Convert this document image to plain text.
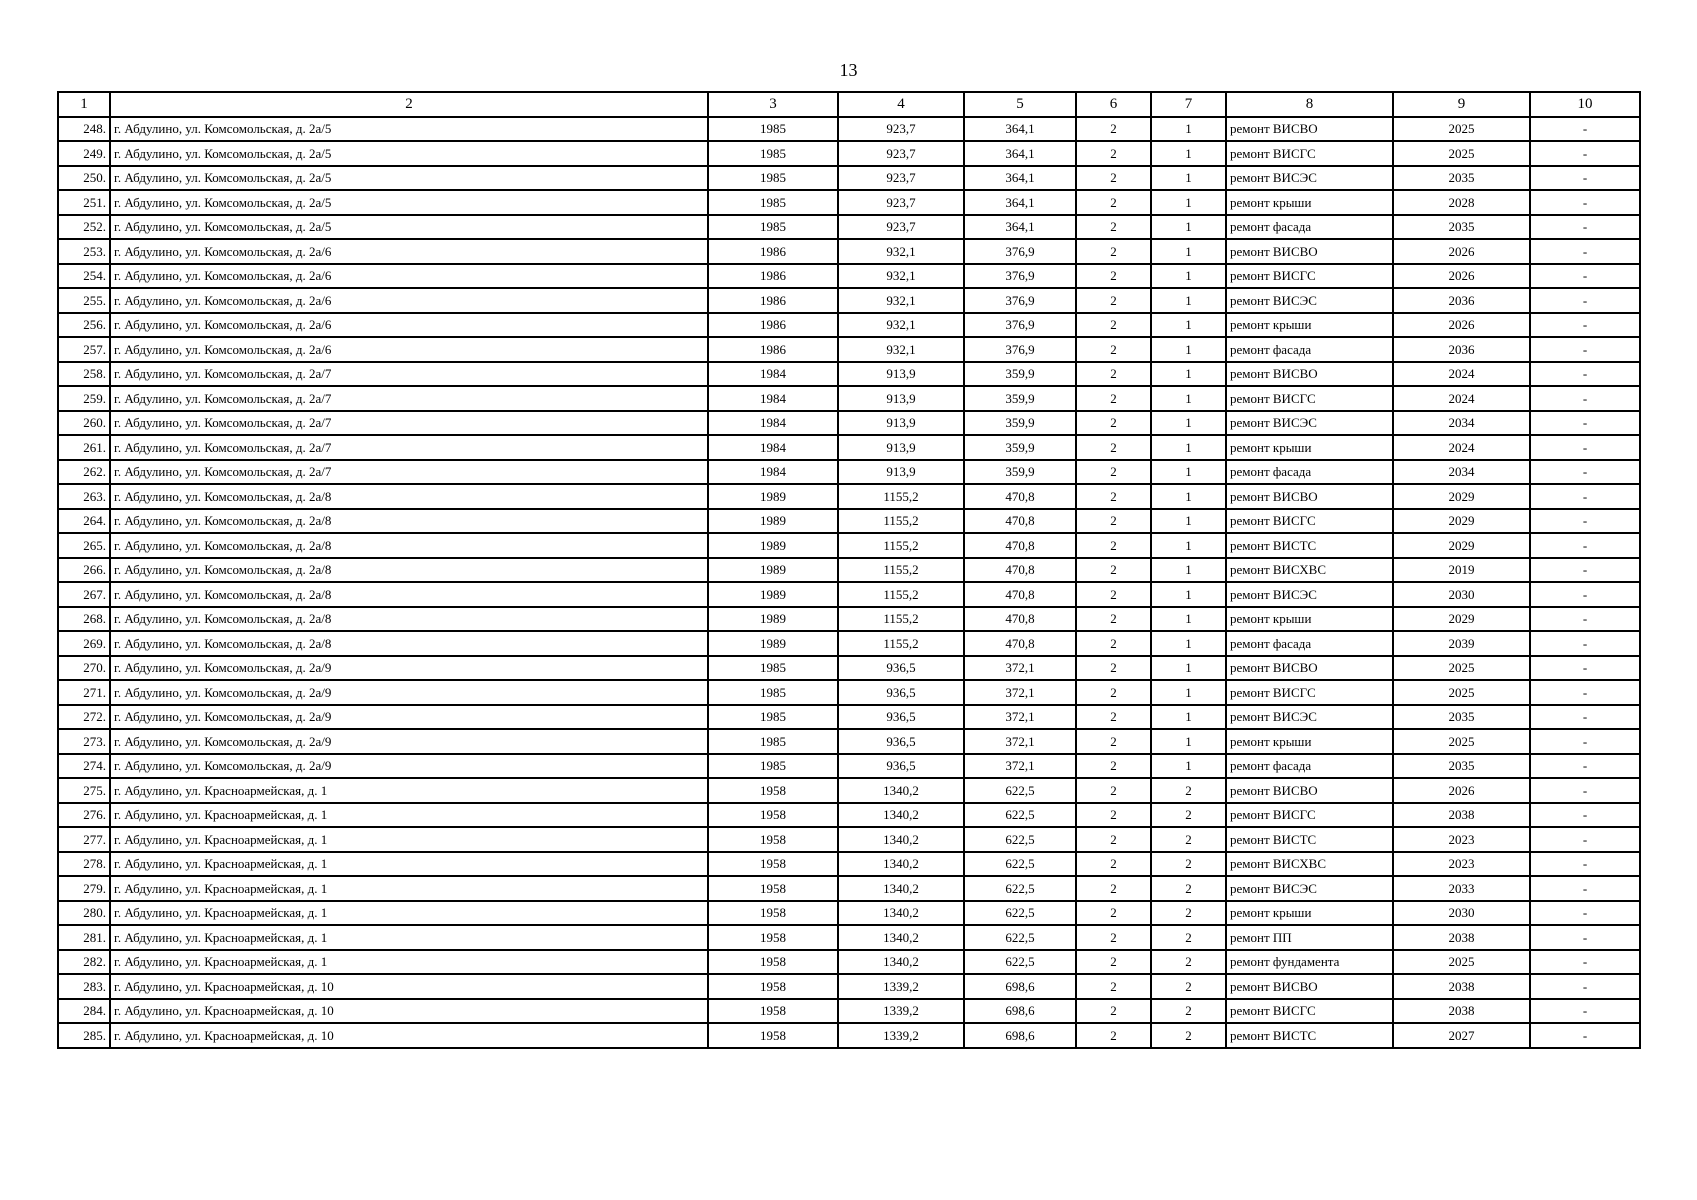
13
1	2	3	4	5	6	7	8	9	10
248.	г. Абдулино, ул. Комсомольская, д. 2а/5	1985	923,7	364,1	2	1	ремонт ВИСВО	2025	-
249.	г. Абдулино, ул. Комсомольская, д. 2а/5	1985	923,7	364,1	2	1	ремонт ВИСГС	2025	-
250.	г. Абдулино, ул. Комсомольская, д. 2а/5	1985	923,7	364,1	2	1	ремонт ВИСЭС	2035	-
251.	г. Абдулино, ул. Комсомольская, д. 2а/5	1985	923,7	364,1	2	1	ремонт крыши	2028	-
252.	г. Абдулино, ул. Комсомольская, д. 2а/5	1985	923,7	364,1	2	1	ремонт фасада	2035	-
253.	г. Абдулино, ул. Комсомольская, д. 2а/6	1986	932,1	376,9	2	1	ремонт ВИСВО	2026	-
254.	г. Абдулино, ул. Комсомольская, д. 2а/6	1986	932,1	376,9	2	1	ремонт ВИСГС	2026	-
255.	г. Абдулино, ул. Комсомольская, д. 2а/6	1986	932,1	376,9	2	1	ремонт ВИСЭС	2036	-
256.	г. Абдулино, ул. Комсомольская, д. 2а/6	1986	932,1	376,9	2	1	ремонт крыши	2026	-
257.	г. Абдулино, ул. Комсомольская, д. 2а/6	1986	932,1	376,9	2	1	ремонт фасада	2036	-
258.	г. Абдулино, ул. Комсомольская, д. 2а/7	1984	913,9	359,9	2	1	ремонт ВИСВО	2024	-
259.	г. Абдулино, ул. Комсомольская, д. 2а/7	1984	913,9	359,9	2	1	ремонт ВИСГС	2024	-
260.	г. Абдулино, ул. Комсомольская, д. 2а/7	1984	913,9	359,9	2	1	ремонт ВИСЭС	2034	-
261.	г. Абдулино, ул. Комсомольская, д. 2а/7	1984	913,9	359,9	2	1	ремонт крыши	2024	-
262.	г. Абдулино, ул. Комсомольская, д. 2а/7	1984	913,9	359,9	2	1	ремонт фасада	2034	-
263.	г. Абдулино, ул. Комсомольская, д. 2а/8	1989	1155,2	470,8	2	1	ремонт ВИСВО	2029	-
264.	г. Абдулино, ул. Комсомольская, д. 2а/8	1989	1155,2	470,8	2	1	ремонт ВИСГС	2029	-
265.	г. Абдулино, ул. Комсомольская, д. 2а/8	1989	1155,2	470,8	2	1	ремонт ВИСТС	2029	-
266.	г. Абдулино, ул. Комсомольская, д. 2а/8	1989	1155,2	470,8	2	1	ремонт ВИСХВС	2019	-
267.	г. Абдулино, ул. Комсомольская, д. 2а/8	1989	1155,2	470,8	2	1	ремонт ВИСЭС	2030	-
268.	г. Абдулино, ул. Комсомольская, д. 2а/8	1989	1155,2	470,8	2	1	ремонт крыши	2029	-
269.	г. Абдулино, ул. Комсомольская, д. 2а/8	1989	1155,2	470,8	2	1	ремонт фасада	2039	-
270.	г. Абдулино, ул. Комсомольская, д. 2а/9	1985	936,5	372,1	2	1	ремонт ВИСВО	2025	-
271.	г. Абдулино, ул. Комсомольская, д. 2а/9	1985	936,5	372,1	2	1	ремонт ВИСГС	2025	-
272.	г. Абдулино, ул. Комсомольская, д. 2а/9	1985	936,5	372,1	2	1	ремонт ВИСЭС	2035	-
273.	г. Абдулино, ул. Комсомольская, д. 2а/9	1985	936,5	372,1	2	1	ремонт крыши	2025	-
274.	г. Абдулино, ул. Комсомольская, д. 2а/9	1985	936,5	372,1	2	1	ремонт фасада	2035	-
275.	г. Абдулино, ул. Красноармейская, д. 1	1958	1340,2	622,5	2	2	ремонт ВИСВО	2026	-
276.	г. Абдулино, ул. Красноармейская, д. 1	1958	1340,2	622,5	2	2	ремонт ВИСГС	2038	-
277.	г. Абдулино, ул. Красноармейская, д. 1	1958	1340,2	622,5	2	2	ремонт ВИСТС	2023	-
278.	г. Абдулино, ул. Красноармейская, д. 1	1958	1340,2	622,5	2	2	ремонт ВИСХВС	2023	-
279.	г. Абдулино, ул. Красноармейская, д. 1	1958	1340,2	622,5	2	2	ремонт ВИСЭС	2033	-
280.	г. Абдулино, ул. Красноармейская, д. 1	1958	1340,2	622,5	2	2	ремонт крыши	2030	-
281.	г. Абдулино, ул. Красноармейская, д. 1	1958	1340,2	622,5	2	2	ремонт ПП	2038	-
282.	г. Абдулино, ул. Красноармейская, д. 1	1958	1340,2	622,5	2	2	ремонт фундамента	2025	-
283.	г. Абдулино, ул. Красноармейская, д. 10	1958	1339,2	698,6	2	2	ремонт ВИСВО	2038	-
284.	г. Абдулино, ул. Красноармейская, д. 10	1958	1339,2	698,6	2	2	ремонт ВИСГС	2038	-
285.	г. Абдулино, ул. Красноармейская, д. 10	1958	1339,2	698,6	2	2	ремонт ВИСТС	2027	-
